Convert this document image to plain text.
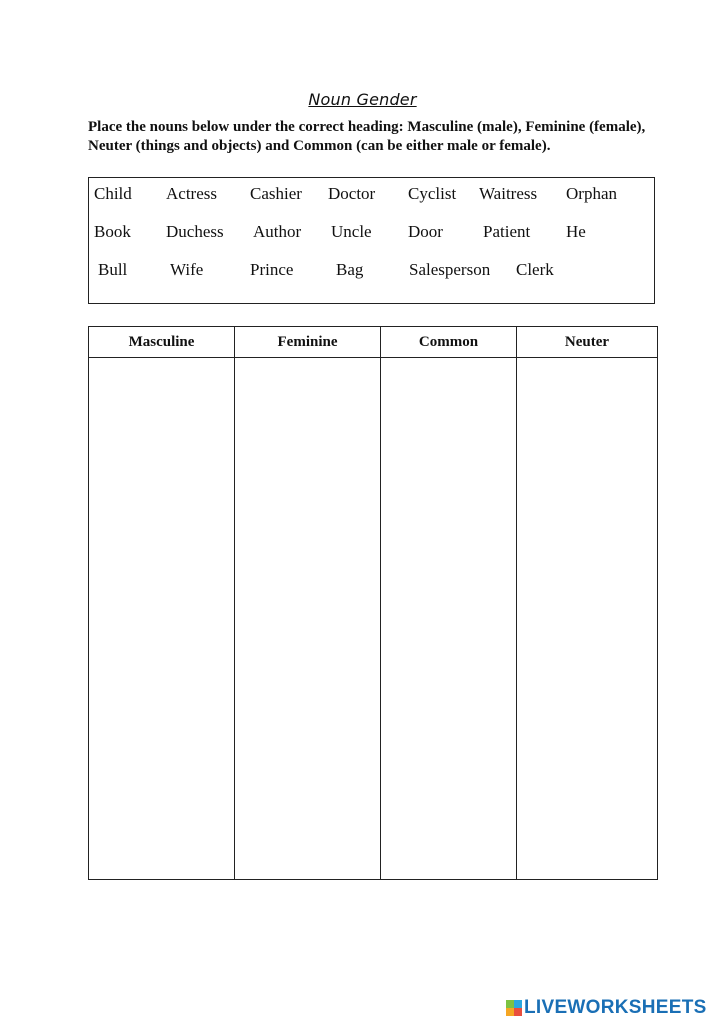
Noun Gender
Place the nouns below under the correct heading: Masculine (male), Feminine (female), Neuter (things and objects) and Common (can be either male or female).
Child Actress Cashier Doctor Cyclist Waitress Orphan
Book Duchess Author Uncle Door Patient He
Bull	Wife	Prince	Bag	Salesperson Clerk
Masculine	Feminine	Common	Neuter

LIVEWORKSHEETS
